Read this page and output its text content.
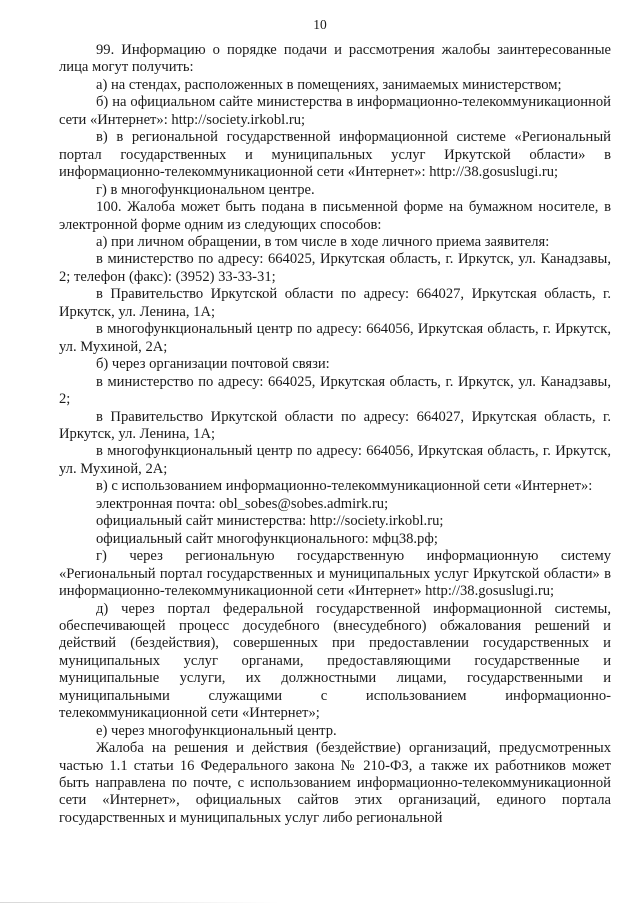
10

99. Информацию о порядке подачи и рассмотрения жалобы заинтересованные лица могут получить:

а) на стендах, расположенных в помещениях, занимаемых министерством;

б) на официальном сайте министерства в информационно-телекоммуникационной сети «Интернет»: http://society.irkobl.ru;

в) в региональной государственной информационной системе «Региональный портал государственных и муниципальных услуг Иркутской области» в информационно-телекоммуникационной сети «Интернет»: http://38.gosuslugi.ru;

г) в многофункциональном центре.

100. Жалоба может быть подана в письменной форме на бумажном носителе, в электронной форме одним из следующих способов:

а) при личном обращении, в том числе в ходе личного приема заявителя:

в министерство по адресу: 664025, Иркутская область, г. Иркутск, ул. Канадзавы, 2; телефон (факс): (3952) 33-33-31;

в Правительство Иркутской области по адресу: 664027, Иркутская область, г. Иркутск, ул. Ленина, 1А;

в многофункциональный центр по адресу: 664056, Иркутская область, г. Иркутск, ул. Мухиной, 2А;

б) через организации почтовой связи:

в министерство по адресу: 664025, Иркутская область, г. Иркутск, ул. Канадзавы, 2;

в Правительство Иркутской области по адресу: 664027, Иркутская область, г. Иркутск, ул. Ленина, 1А;

в многофункциональный центр по адресу: 664056, Иркутская область, г. Иркутск, ул. Мухиной, 2А;

в) с использованием информационно-телекоммуникационной сети «Интернет»:

электронная почта: obl_sobes@sobes.admirk.ru;

официальный сайт министерства: http://society.irkobl.ru;

официальный сайт многофункционального: мфц38.рф;

г) через региональную государственную информационную систему «Региональный портал государственных и муниципальных услуг Иркутской области» в информационно-телекоммуникационной сети «Интернет» http://38.gosuslugi.ru;

д) через портал федеральной государственной информационной системы, обеспечивающей процесс досудебного (внесудебного) обжалования решений и действий (бездействия), совершенных при предоставлении государственных и муниципальных услуг органами, предоставляющими государственные и муниципальные услуги, их должностными лицами, государственными и муниципальными служащими с использованием информационно-телекоммуникационной сети «Интернет»;

е) через многофункциональный центр.

Жалоба на решения и действия (бездействие) организаций, предусмотренных частью 1.1 статьи 16 Федерального закона № 210-ФЗ, а также их работников может быть направлена по почте, с использованием информационно-телекоммуникационной сети «Интернет», официальных сайтов этих организаций, единого портала государственных и муниципальных услуг либо региональной
